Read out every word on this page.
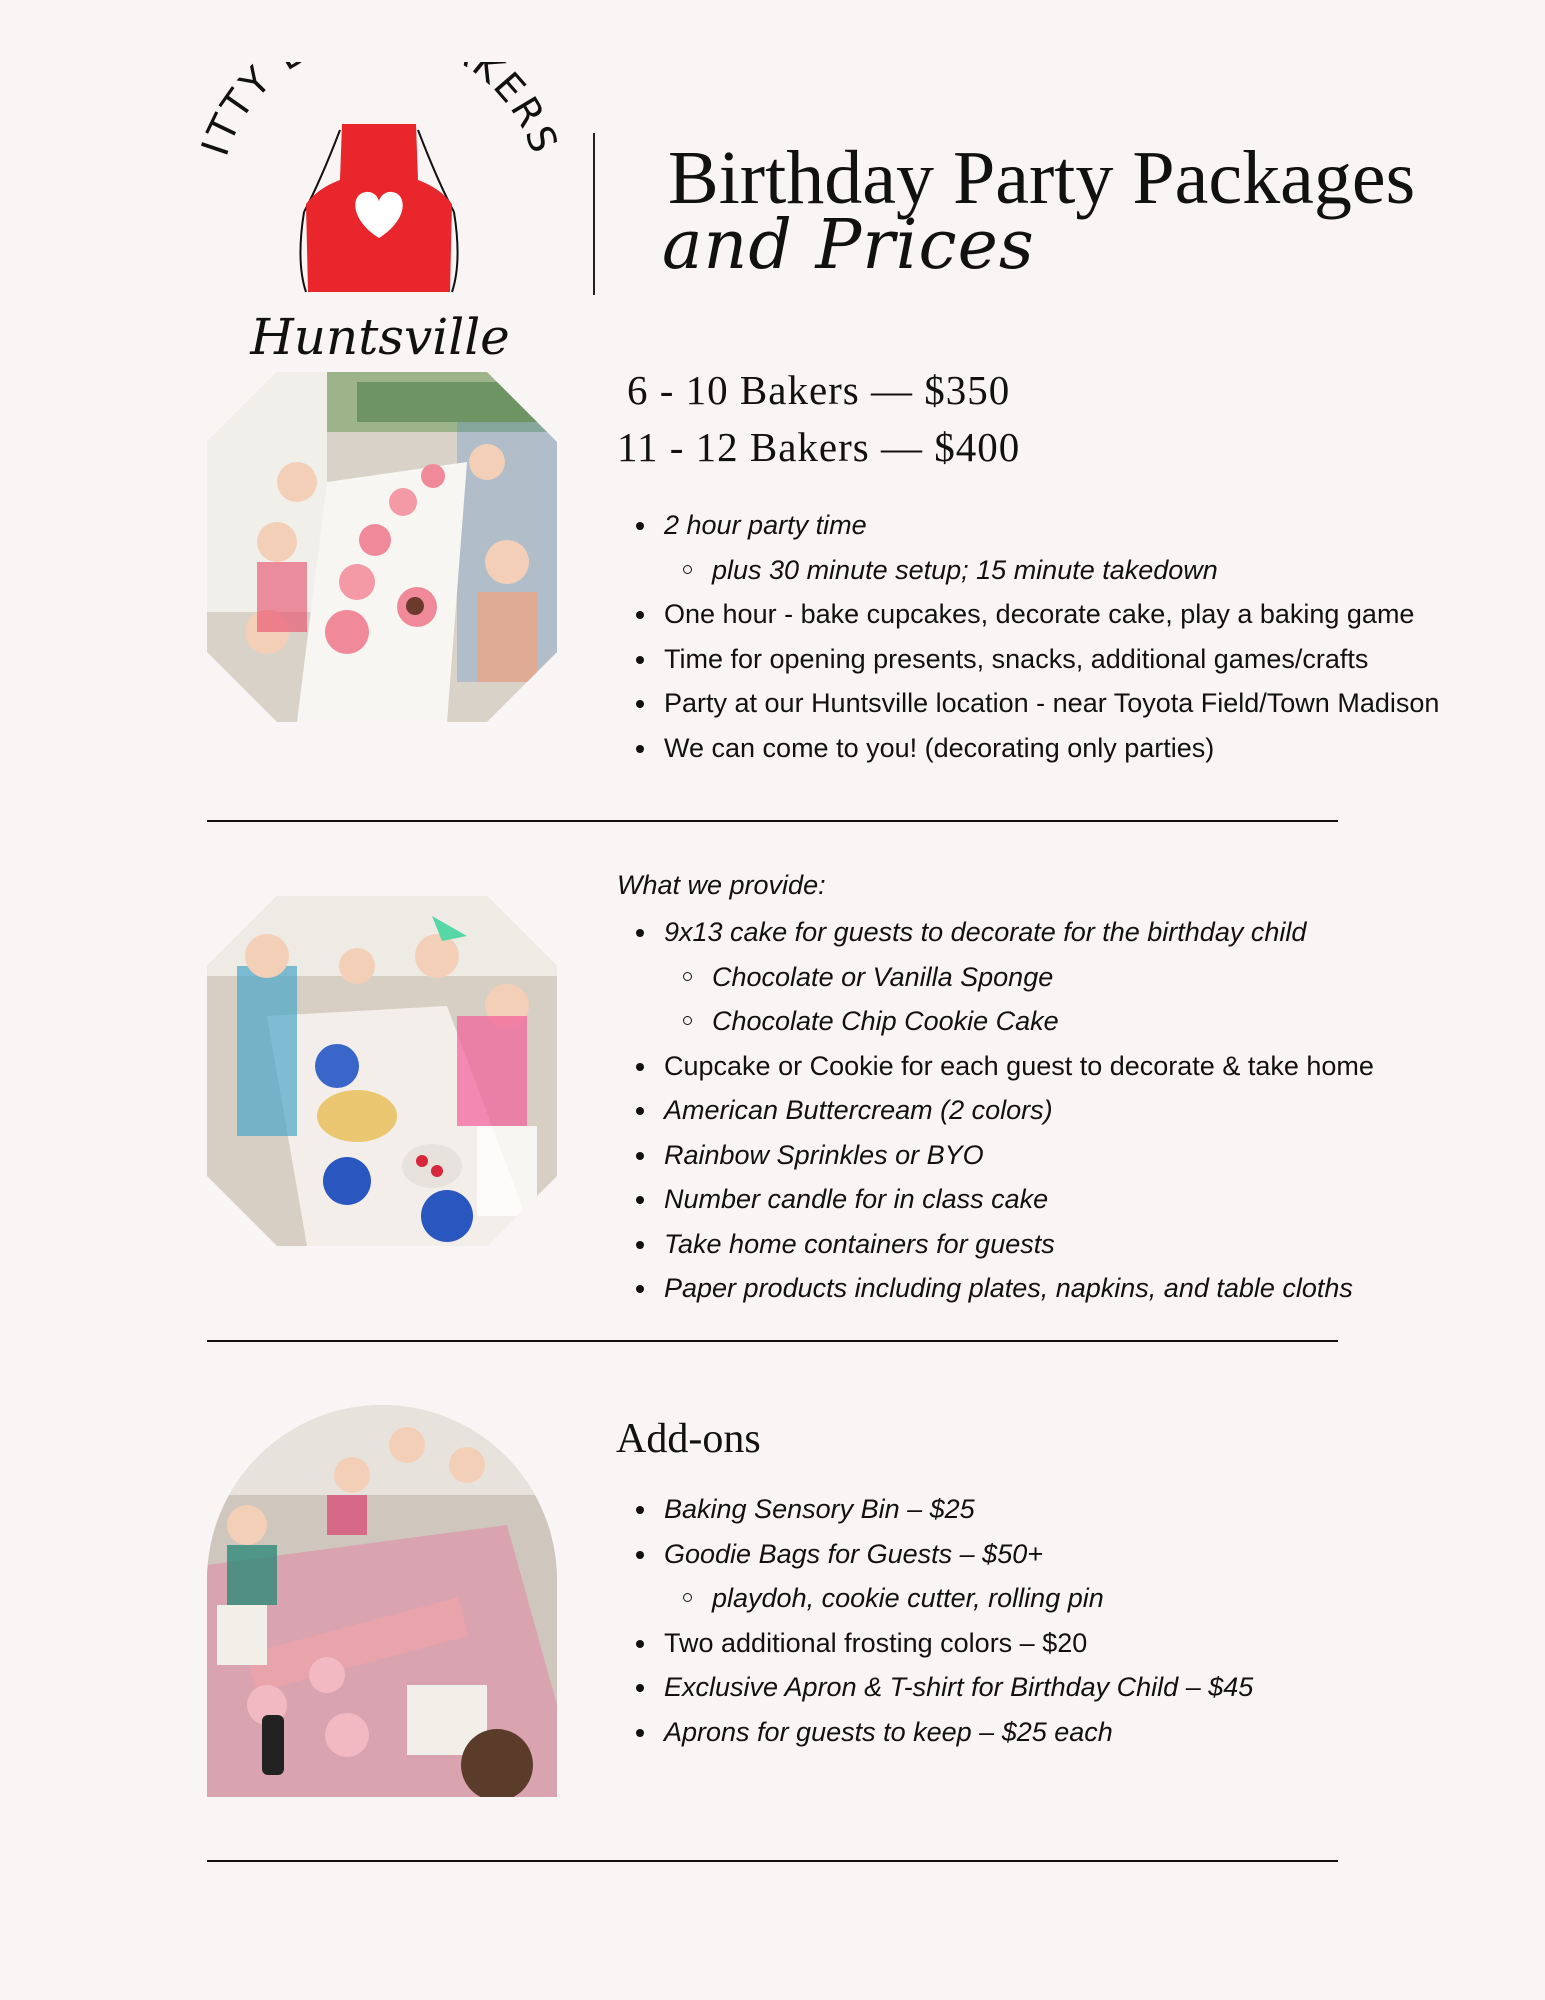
TTY KER
Huntsville
Birthday Party Packages
and Prices
6 - 10 Bakers — $350
11 - 12 Bakers — $400
2 hour party time
plus 30 minute setup; 15 minute takedown
One hour - bake cupcakes, decorate cake, play a baking game
Time for opening presents, snacks, additional games/crafts
Party at our Huntsville location - near Toyota Field/Town Madison
We can come to you! (decorating only parties)
What we provide:
9x13 cake for guests to decorate for the birthday child
Chocolate or Vanilla Sponge
Chocolate Chip Cookie Cake
Cupcake or Cookie for each guest to decorate & take home
American Buttercream (2 colors)
Rainbow Sprinkles or BYO
Number candle for in class cake
Take home containers for guests
Paper products including plates, napkins, and table cloths
Add-ons
Baking Sensory Bin – $25
Goodie Bags for Guests – $50+
playdoh, cookie cutter, rolling pin
Two additional frosting colors – $20
Exclusive Apron & T-shirt for Birthday Child – $45
Aprons for guests to keep – $25 each
